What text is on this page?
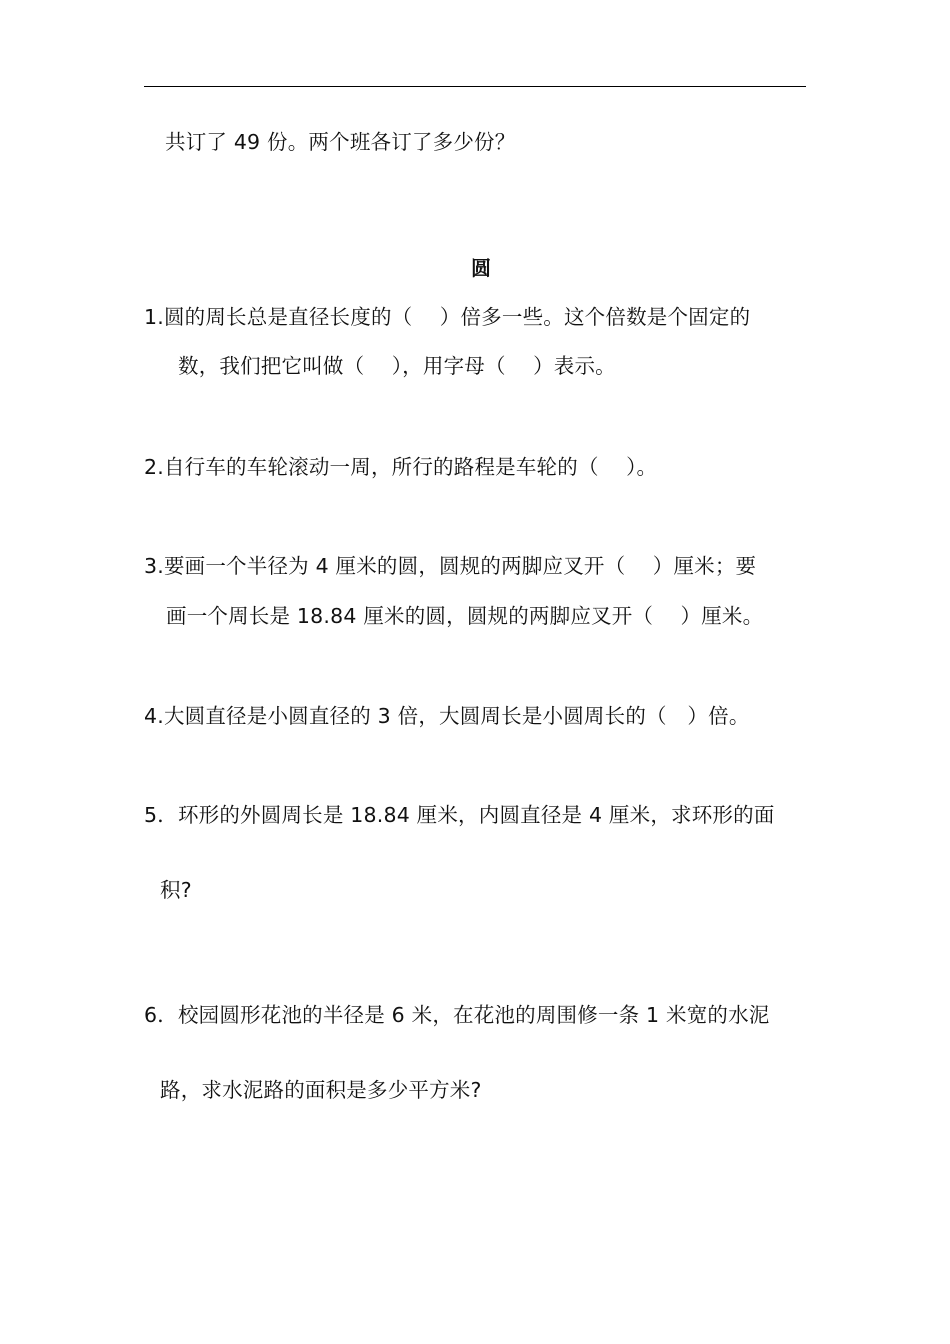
共订了 49 份。两个班各订了多少份？
圆
1.圆的周长总是直径长度的（　 ）倍多一些。这个倍数是个固定的
数，我们把它叫做（　 ），用字母（　 ）表示。
2.自行车的车轮滚动一周，所行的路程是车轮的（　 ）。
3.要画一个半径为 4 厘米的圆，圆规的两脚应叉开（　 ）厘米；要
画一个周长是 18.84 厘米的圆，圆规的两脚应叉开（　 ）厘米。
4.大圆直径是小圆直径的 3 倍，大圆周长是小圆周长的（　）倍。
5．环形的外圆周长是 18.84 厘米，内圆直径是 4 厘米，求环形的面
积?
6．校园圆形花池的半径是 6 米，在花池的周围修一条 1 米宽的水泥
路，求水泥路的面积是多少平方米?
